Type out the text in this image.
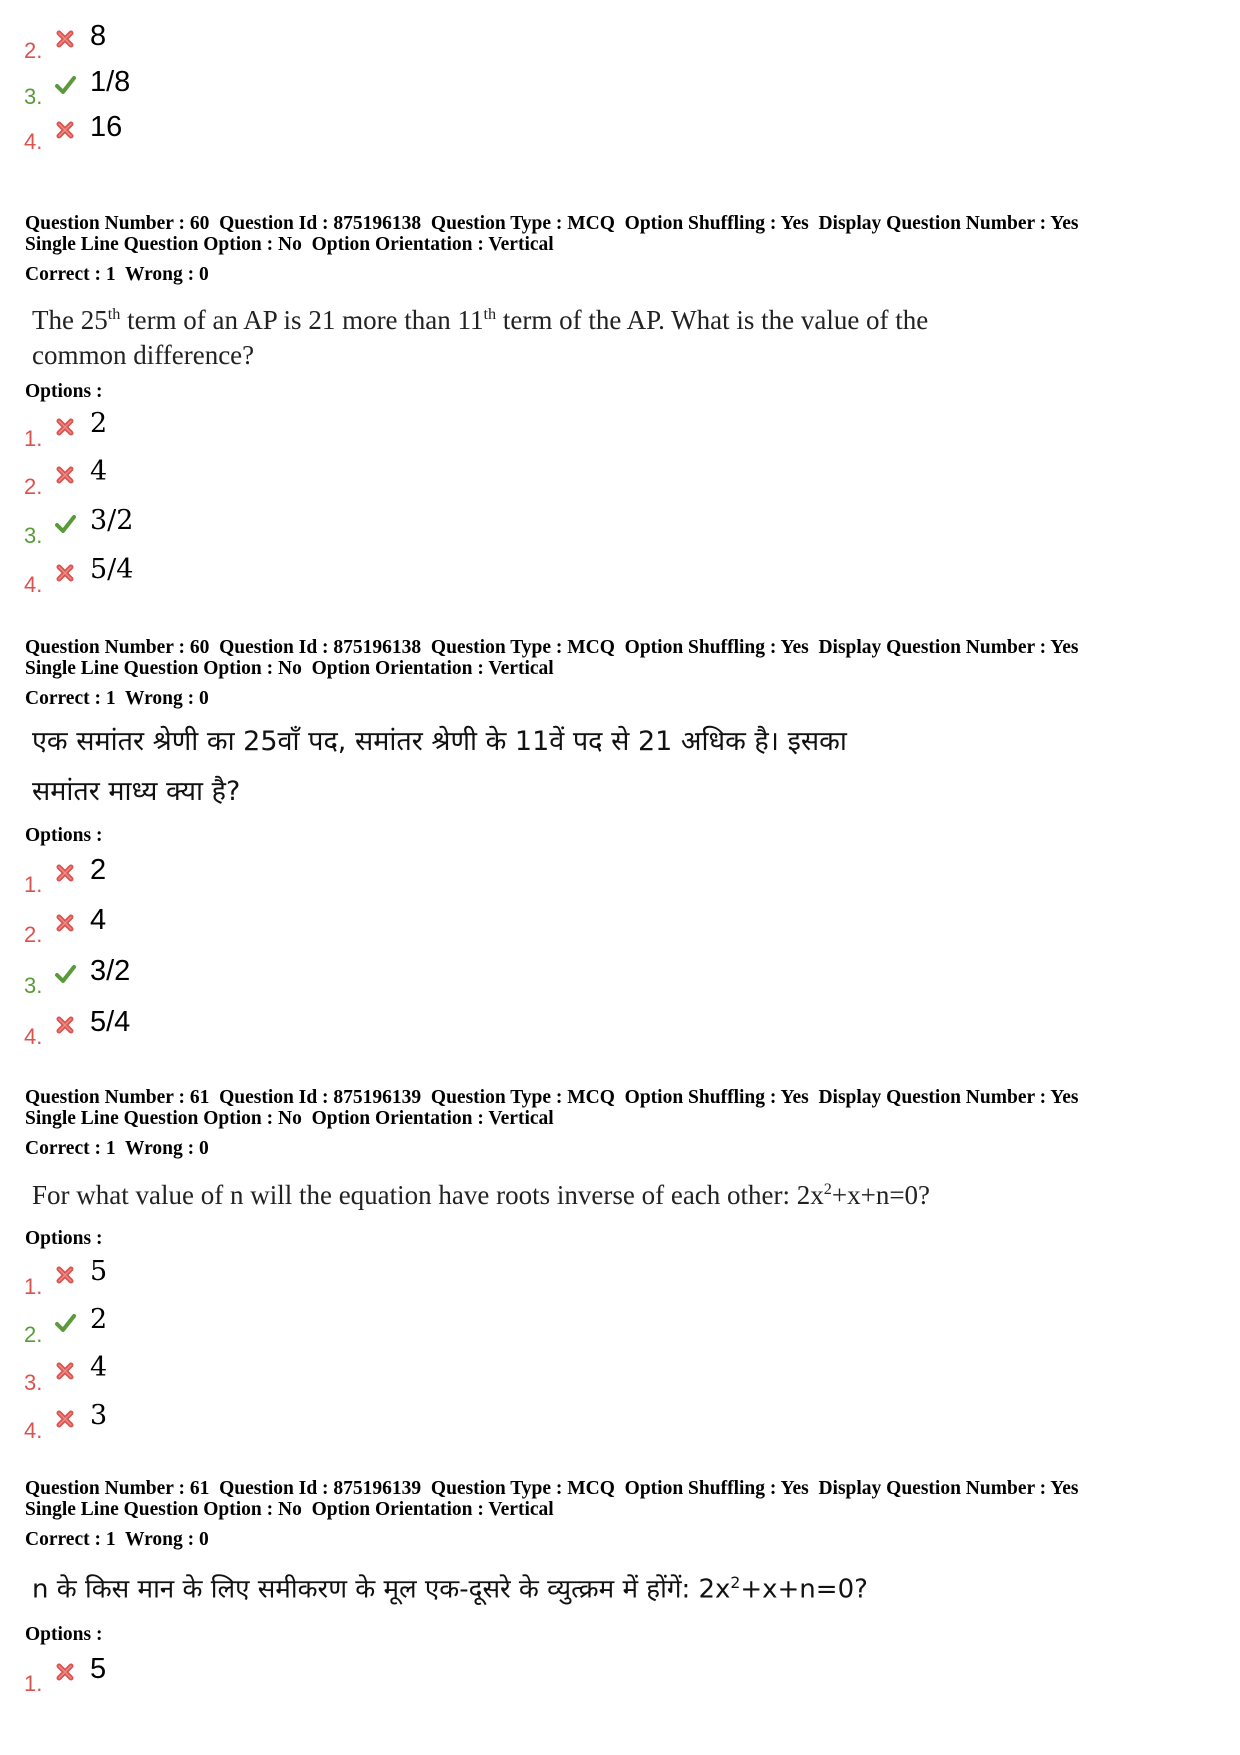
2. 8
3. 1/8
4. 16
Question Number : 60  Question Id : 875196138  Question Type : MCQ  Option Shuffling : Yes  Display Question Number : Yes
Single Line Question Option : No  Option Orientation : Vertical
Correct : 1  Wrong : 0
The 25th term of an AP is 21 more than 11th term of the AP. What is the value of the
common difference?
Options :
1. 2
2. 4
3. 3/2
4. 5/4
Question Number : 60  Question Id : 875196138  Question Type : MCQ  Option Shuffling : Yes  Display Question Number : Yes
Single Line Question Option : No  Option Orientation : Vertical
Correct : 1  Wrong : 0
एक समांतर श्रेणी का 25वाँ पद, समांतर श्रेणी के 11वें पद से 21 अधिक है। इसका
समांतर माध्य क्या है?
Options :
1. 2
2. 4
3. 3/2
4. 5/4
Question Number : 61  Question Id : 875196139  Question Type : MCQ  Option Shuffling : Yes  Display Question Number : Yes
Single Line Question Option : No  Option Orientation : Vertical
Correct : 1  Wrong : 0
For what value of n will the equation have roots inverse of each other: $2x^2+x+n=0$?
Options :
1. 5
2. 2
3. 4
4. 3
Question Number : 61  Question Id : 875196139  Question Type : MCQ  Option Shuffling : Yes  Display Question Number : Yes
Single Line Question Option : No  Option Orientation : Vertical
Correct : 1  Wrong : 0
n के किस मान के लिए समीकरण के मूल एक-दूसरे के व्युत्क्रम में होंगें: $2x^2+x+n=0$?
Options :
1. 5
